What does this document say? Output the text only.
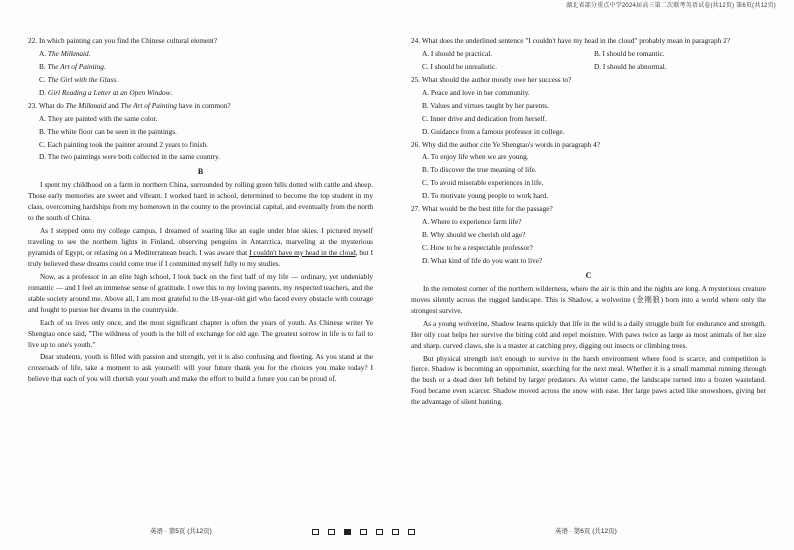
湖北省部分重点中学2024届高三第二次联考英语试卷(共12页) 第6页(共12页)
22. In which painting can you find the Chinese cultural element?
A. The Milkmaid.
B. The Art of Painting.
C. The Girl with the Glass.
D. Girl Reading a Letter at an Open Window.
23. What do The Milkmaid and The Art of Painting have in common?
A. They are painted with the same color.
B. The white floor can be seen in the paintings.
C. Each painting took the painter around 2 years to finish.
D. The two paintings were both collected in the same country.
B
I spent my childhood on a farm in northern China, surrounded by rolling green hills dotted with cattle and sheep. Those early memories are sweet and vibrant. I worked hard in school, determined to become the top student in my class, overcoming hardships from my hometown in the county to the provincial capital, and eventually from the north to the south of China.
As I stepped onto my college campus, I dreamed of soaring like an eagle under blue skies. I pictured myself traveling to see the northern lights in Finland, observing penguins in Antarctica, marveling at the mysterious pyramids of Egypt, or relaxing on a Mediterranean beach. I was aware that I couldn't have my head in the cloud, but I truly believed these dreams could come true if I committed myself fully to my studies.
Now, as a professor in an elite high school, I look back on the first half of my life — ordinary, yet undeniably romantic — and I feel an immense sense of gratitude. I owe this to my loving parents, my respected teachers, and the stable society around me. Above all, I am most grateful to the 18-year-old girl who faced every obstacle with courage and fought to pursue her dreams in the countryside.
Each of us lives only once, and the most significant chapter is often the years of youth. As Chinese writer Ye Shengtao once said, "The wildness of youth is the bill of exchange for old age. The greatest sorrow in life is to fail to live up to one's youth."
Dear students, youth is filled with passion and strength, yet it is also confusing and fleeting. As you stand at the crossroads of life, take a moment to ask yourself: will your future thank you for the choices you make today? I believe that each of you will cherish your youth and make the effort to build a future you can be proud of.
24. What does the underlined sentence "I couldn't have my head in the cloud" probably mean in paragraph 2?
A. I should be practical.	B. I should be romantic.
C. I should be unrealistic.	D. I should be abnormal.
25. What should the author mostly owe her success to?
A. Peace and love in her community.
B. Values and virtues taught by her parents.
C. Inner drive and dedication from herself.
D. Guidance from a famous professor in college.
26. Why did the author cite Ye Shengtao's words in paragraph 4?
A. To enjoy life when we are young.
B. To discover the true meaning of life.
C. To avoid miserable experiences in life.
D. To motivate young people to work hard.
27. What would be the best title for the passage?
A. Where to experience farm life?
B. Why should we cherish old age?
C. How to be a respectable professor?
D. What kind of life do you want to live?
C
In the remotest corner of the northern wilderness, where the air is thin and the nights are long. A mysterious creature moves silently across the rugged landscape. This is Shadow, a wolverine (金刚狼) born into a world where only the strongest survive.
As a young wolverine, Shadow learns quickly that life in the wild is a daily struggle built for endurance and strength. Her oily coat helps her survive the biting cold and repel moisture. With paws twice as large as most animals of her size and sharp, curved claws, she is a master at catching prey, digging out insects or climbing trees.
But physical strength isn't enough to survive in the harsh environment where food is scarce, and competition is fierce. Shadow is becoming an opportunist, searching for the next meal. Whether it is a small mammal running through the bush or a dead deer left behind by larger predators. As winter came, the landscape turned into a frozen wasteland. Food became even scarcer. Shadow moved across the snow with ease. Her large paws acted like snowshoes, giving her the advantage of silent hunting.
英语 · 第5页 (共12页)	英语 · 第6页 (共12页)
